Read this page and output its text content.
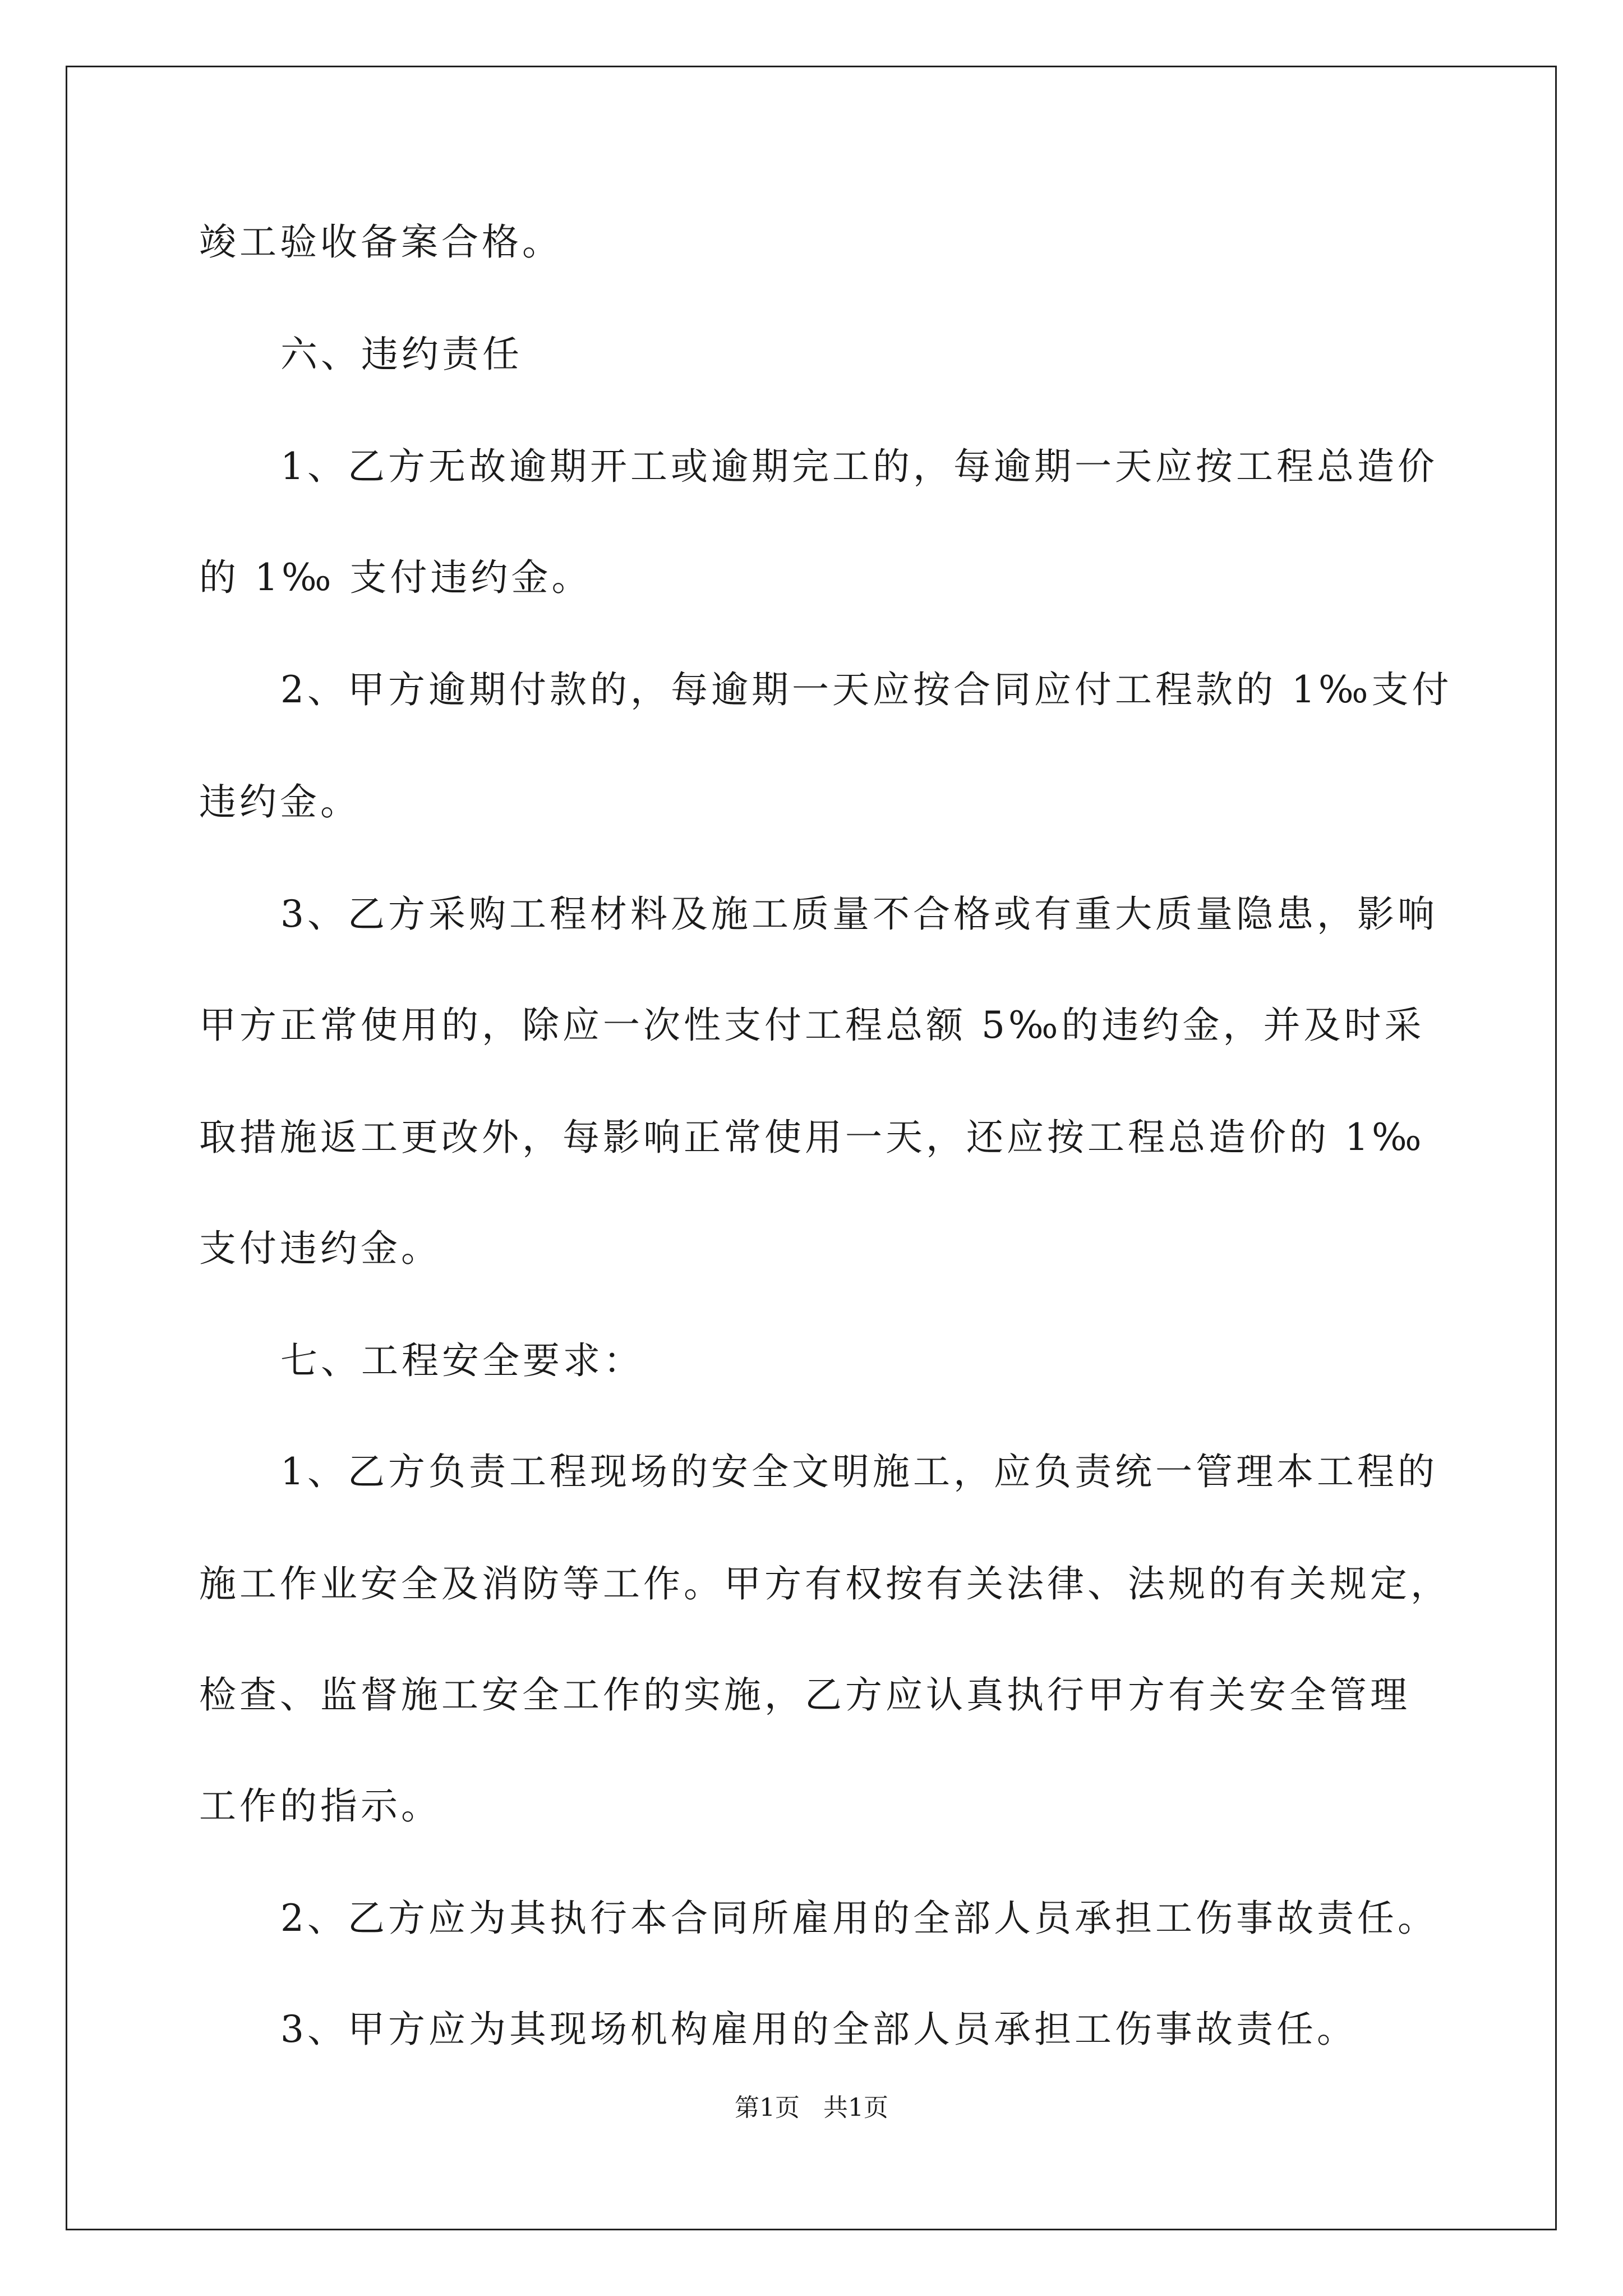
竣工验收备案合格。
六、违约责任
1、乙方无故逾期开工或逾期完工的，每逾期一天应按工程总造价
的 1‰ 支付违约金。
2、甲方逾期付款的，每逾期一天应按合同应付工程款的 1‰支付
违约金。
3、乙方采购工程材料及施工质量不合格或有重大质量隐患，影响
甲方正常使用的，除应一次性支付工程总额 5‰的违约金，并及时采
取措施返工更改外，每影响正常使用一天，还应按工程总造价的 1‰
支付违约金。
七、工程安全要求：
1、乙方负责工程现场的安全文明施工，应负责统一管理本工程的
施工作业安全及消防等工作。甲方有权按有关法律、法规的有关规定，
检查、监督施工安全工作的实施，乙方应认真执行甲方有关安全管理
工作的指示。
2、乙方应为其执行本合同所雇用的全部人员承担工伤事故责任。
3、甲方应为其现场机构雇用的全部人员承担工伤事故责任。
第1页   共1页
